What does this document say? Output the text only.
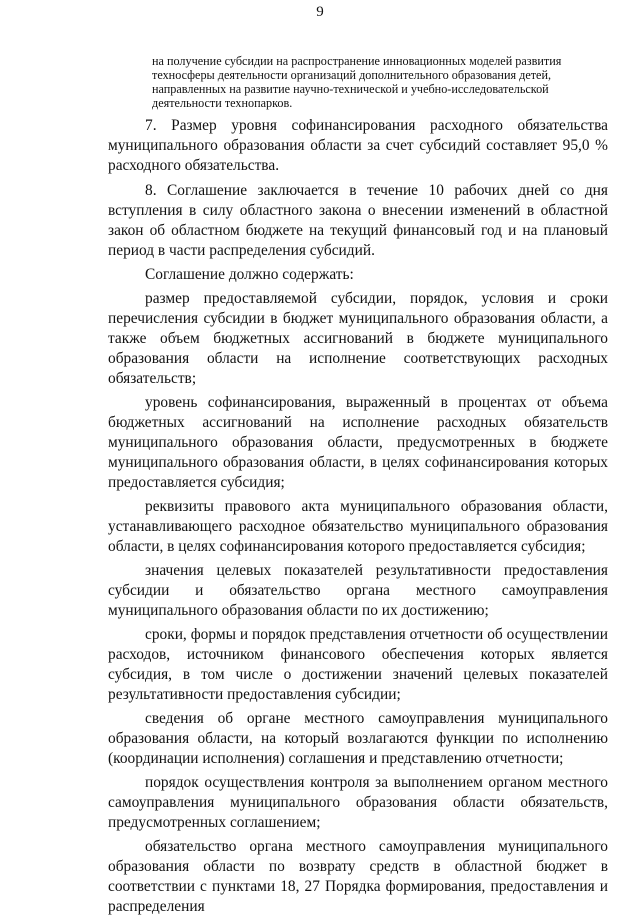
9
на получение субсидии на распространение инновационных моделей развития
техносферы деятельности организаций дополнительного образования детей,
направленных на развитие научно-технической и учебно-исследовательской
деятельности технопарков.

7. Размер уровня софинансирования расходного обязательства муниципального образования области за счет субсидий составляет 95,0 % расходного обязательства.

8. Соглашение заключается в течение 10 рабочих дней со дня вступления в силу областного закона о внесении изменений в областной закон об областном бюджете на текущий финансовый год и на плановый период в части распределения субсидий.

Соглашение должно содержать:

размер предоставляемой субсидии, порядок, условия и сроки перечисления субсидии в бюджет муниципального образования области, а также объем бюджетных ассигнований в бюджете муниципального образования области на исполнение соответствующих расходных обязательств;

уровень софинансирования, выраженный в процентах от объема бюджетных ассигнований на исполнение расходных обязательств муниципального образования области, предусмотренных в бюджете муниципального образования области, в целях софинансирования которых предоставляется субсидия;

реквизиты правового акта муниципального образования области, устанавливающего расходное обязательство муниципального образования области, в целях софинансирования которого предоставляется субсидия;

значения целевых показателей результативности предоставления субсидии и обязательство органа местного самоуправления муниципального образования области по их достижению;

сроки, формы и порядок представления отчетности об осуществлении расходов, источником финансового обеспечения которых является субсидия, в том числе о достижении значений целевых показателей результативности предоставления субсидии;

сведения об органе местного самоуправления муниципального образования области, на который возлагаются функции по исполнению (координации исполнения) соглашения и представлению отчетности;

порядок осуществления контроля за выполнением органом местного самоуправления муниципального образования области обязательств, предусмотренных соглашением;

обязательство органа местного самоуправления муниципального образования области по возврату средств в областной бюджет в соответствии с пунктами 18, 27 Порядка формирования, предоставления и распределения
